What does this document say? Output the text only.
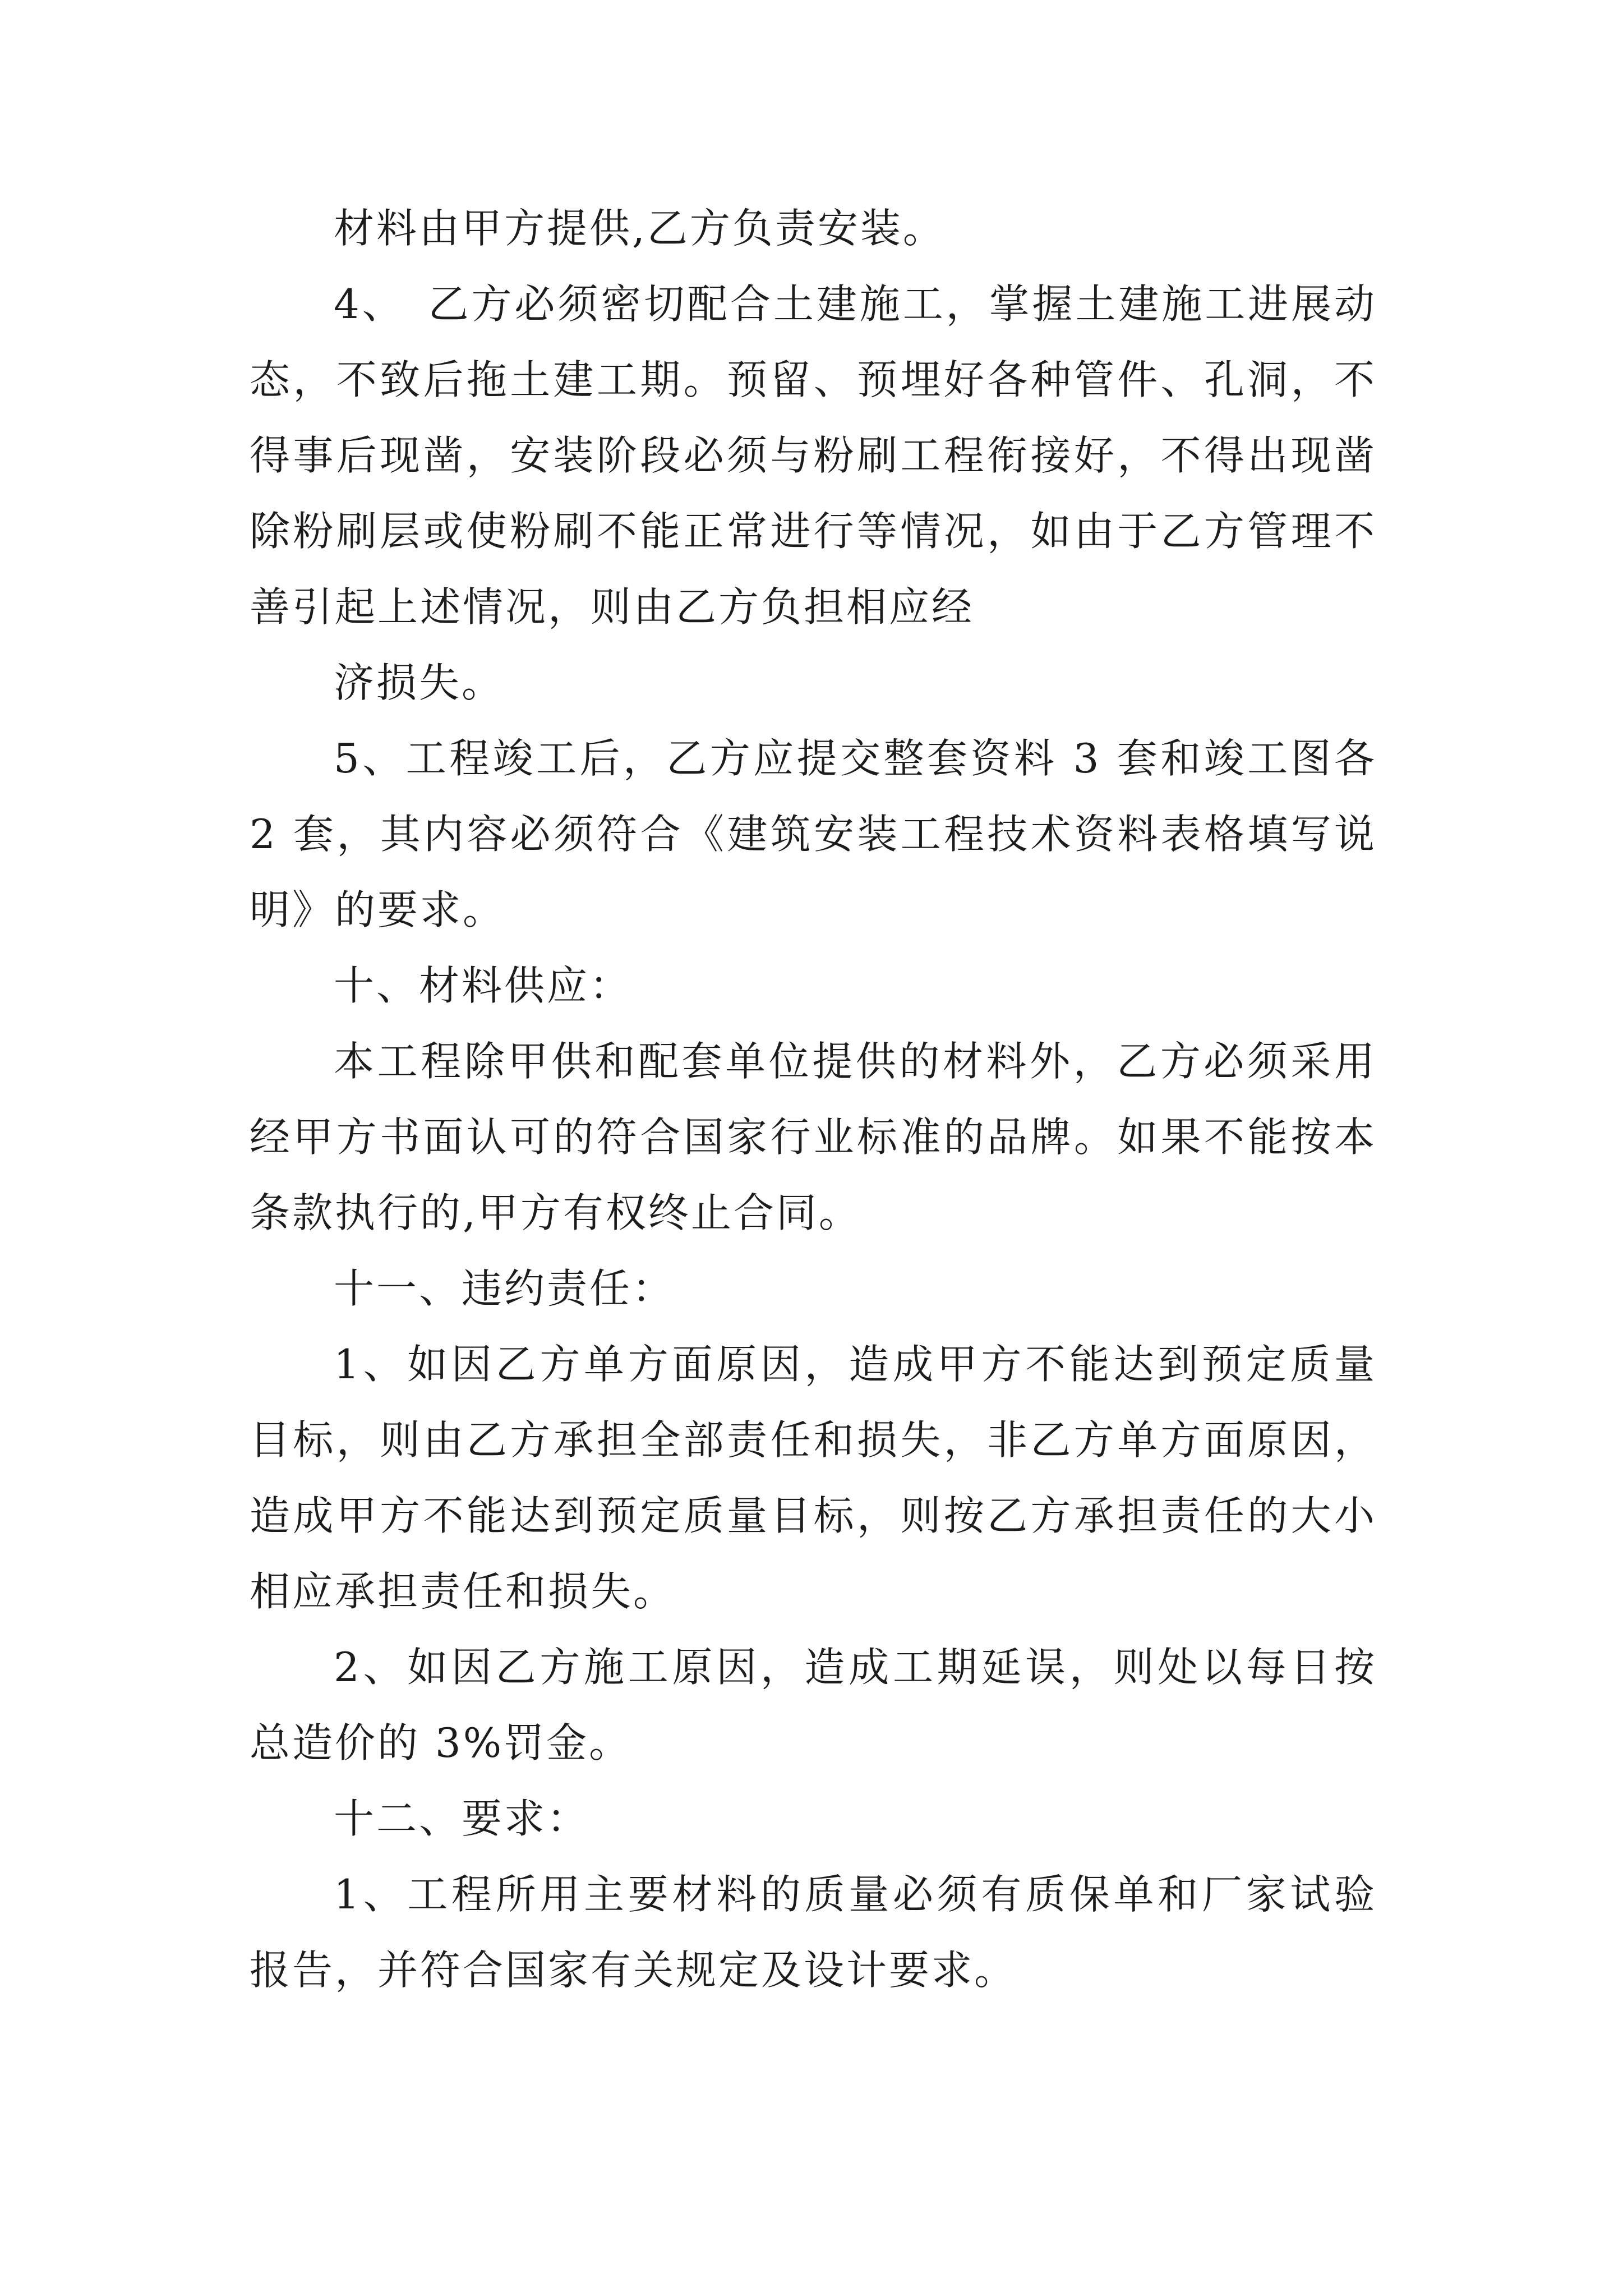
材料由甲方提供,乙方负责安装。

4、　乙方必须密切配合土建施工，掌握土建施工进展动态，不致后拖土建工期。预留、预埋好各种管件、孔洞，不得事后现凿，安装阶段必须与粉刷工程衔接好，不得出现凿除粉刷层或使粉刷不能正常进行等情况，如由于乙方管理不善引起上述情况，则由乙方负担相应经

济损失。

5、工程竣工后，乙方应提交整套资料 3 套和竣工图各 2 套，其内容必须符合《建筑安装工程技术资料表格填写说明》的要求。

十、材料供应：

本工程除甲供和配套单位提供的材料外，乙方必须采用经甲方书面认可的符合国家行业标准的品牌。如果不能按本条款执行的,甲方有权终止合同。

十一、违约责任：

1、如因乙方单方面原因，造成甲方不能达到预定质量目标，则由乙方承担全部责任和损失，非乙方单方面原因，造成甲方不能达到预定质量目标，则按乙方承担责任的大小相应承担责任和损失。

2、如因乙方施工原因，造成工期延误，则处以每日按总造价的 3%罚金。

十二、要求：

1、工程所用主要材料的质量必须有质保单和厂家试验报告，并符合国家有关规定及设计要求。
